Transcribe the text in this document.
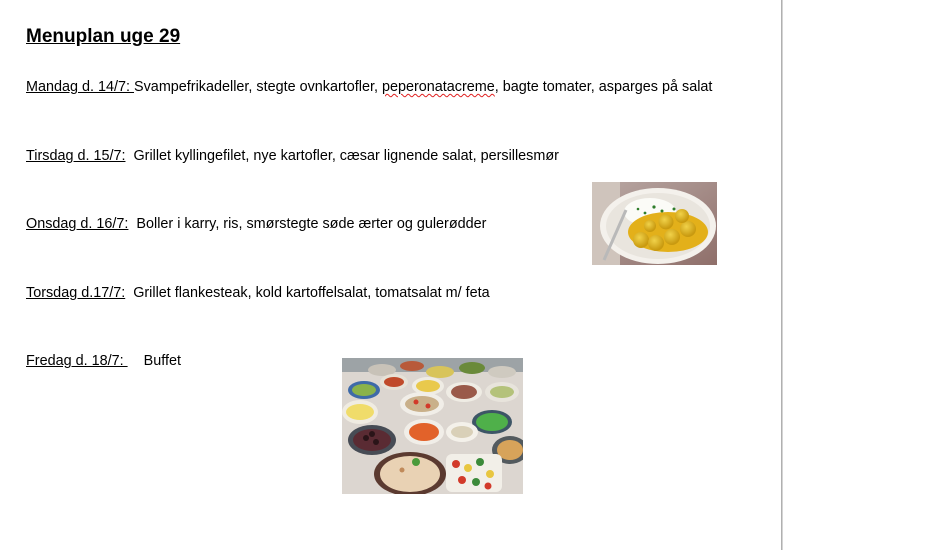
Menuplan uge 29
Mandag d. 14/7: Svampefrikadeller, stegte ovnkartofler, peperonatacreme, bagte tomater, asparges på salat
Tirsdag d. 15/7:  Grillet kyllingefilet, nye kartofler, cæsar lignende salat, persillesmør
Onsdag d. 16/7:  Boller i karry, ris, smørstegte søde ærter og gulerødder
Torsdag d.17/7:  Grillet flankesteak, kold kartoffelsalat, tomatsalat m/ feta
Fredag d. 18/7:     Buffet
